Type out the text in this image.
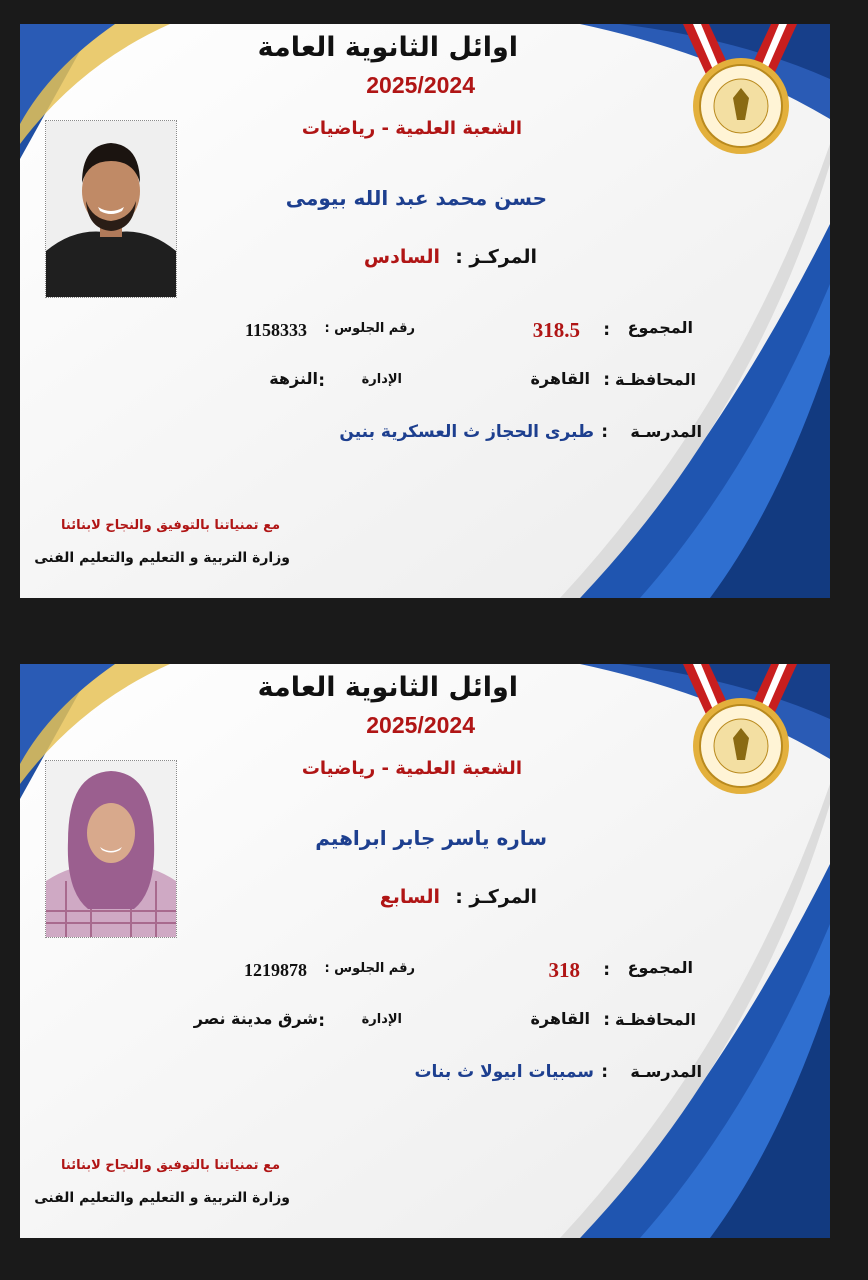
اوائل الثانوية العامة
2025/2024
الشعبة العلمية - رياضيات
حسن محمد عبد الله بيومى
المركـز :
السادس
المجموع
:
318.5
رقم الجلوس :
1158333
المحافظـة
:
القاهرة
الإدارة
:
النزهة
المدرسـة
:
طبرى الحجاز ث العسكرية بنين
مع تمنياتنا بالتوفيق والنجاح لابنائنا
وزارة التربية و التعليم والتعليم الفنى
اوائل الثانوية العامة
2025/2024
الشعبة العلمية - رياضيات
ساره ياسر جابر ابراهيم
المركـز :
السابع
المجموع
:
318
رقم الجلوس :
1219878
المحافظـة
:
القاهرة
الإدارة
:
شرق مدينة نصر
المدرسـة
:
سمبيات ابيولا ث بنات
مع تمنياتنا بالتوفيق والنجاح لابنائنا
وزارة التربية و التعليم والتعليم الفنى
